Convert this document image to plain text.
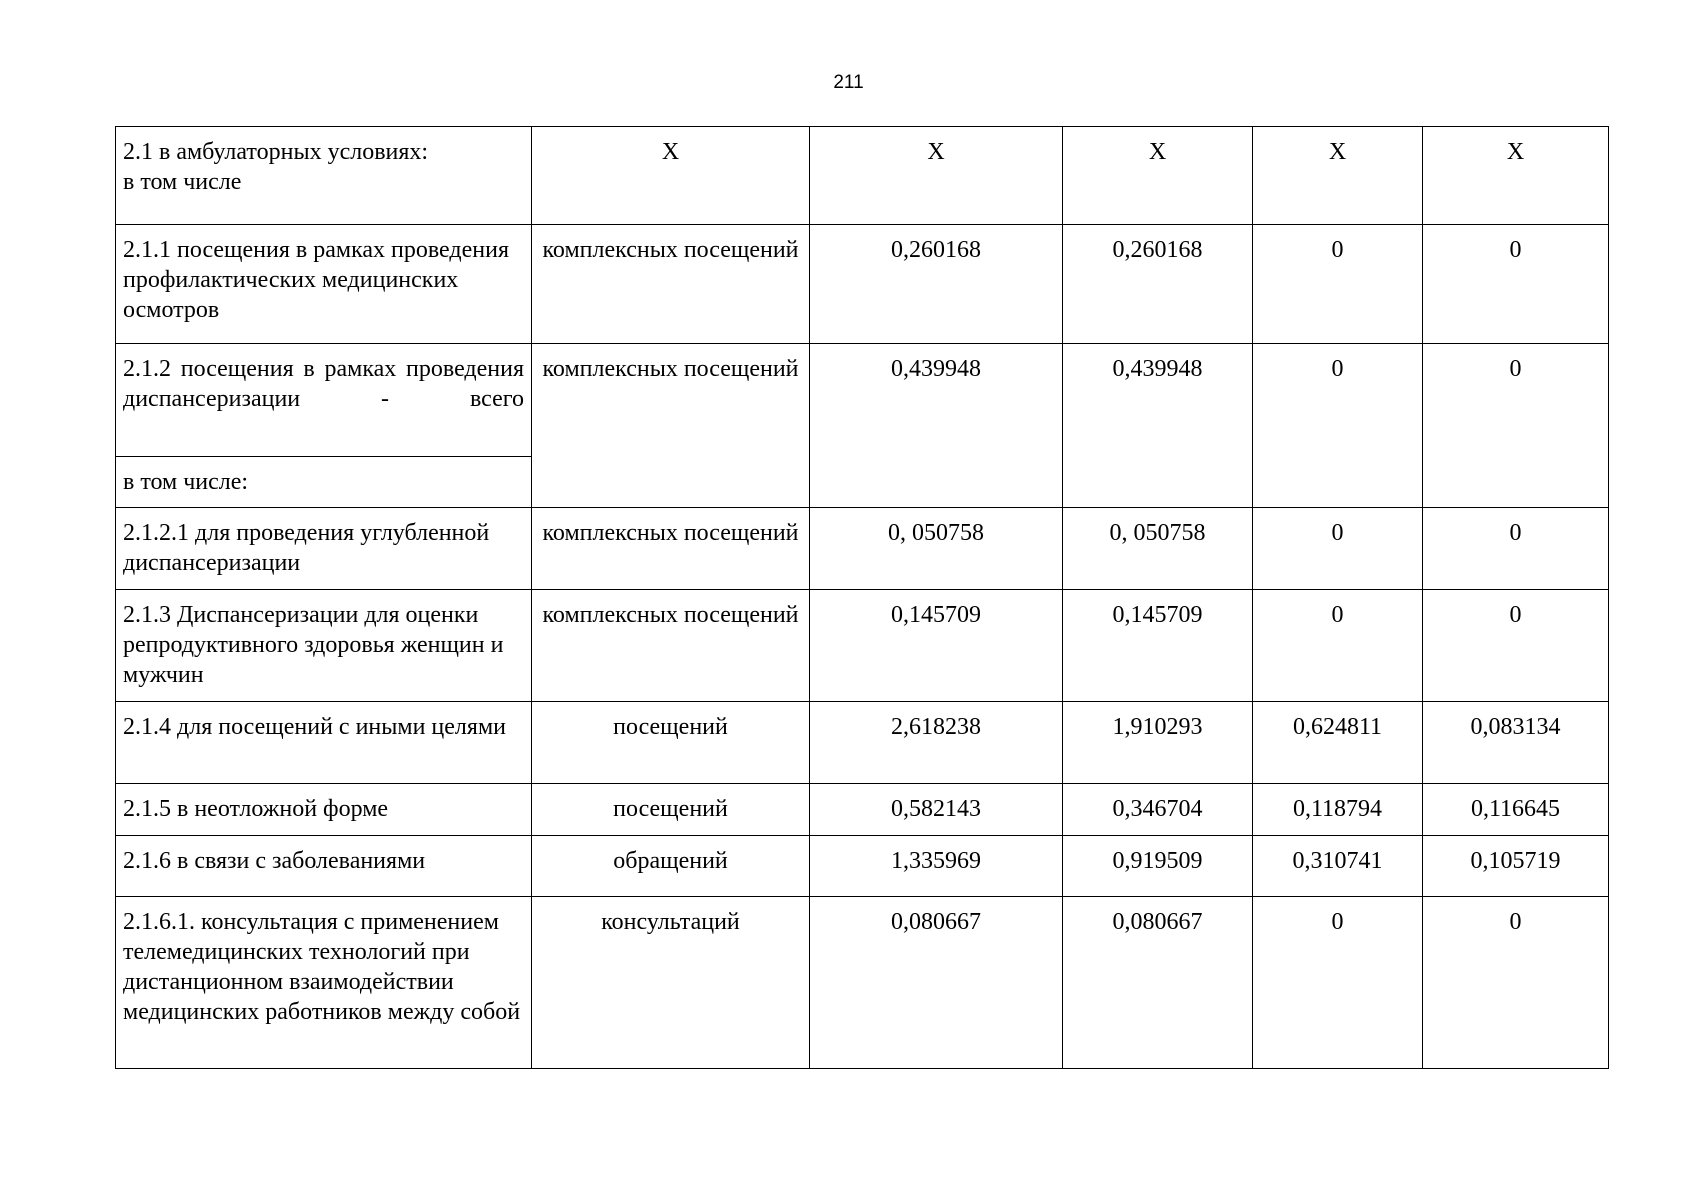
211
2.1 в амбулаторных условиях:
в том числе	X	X	X	X	X
2.1.1 посещения в рамках проведения профилактических медицинских осмотров	комплексных посещений	0,260168	0,260168	0	0
2.1.2 посещения в рамках проведения диспансеризации - всего	комплексных посещений	0,439948	0,439948	0	0
в том числе:					
2.1.2.1 для проведения углубленной диспансеризации	комплексных посещений	0, 050758	0, 050758	0	0
2.1.3 Диспансеризации для оценки репродуктивного здоровья женщин и мужчин	комплексных посещений	0,145709	0,145709	0	0
2.1.4 для посещений с иными целями	посещений	2,618238	1,910293	0,624811	0,083134
2.1.5 в неотложной форме	посещений	0,582143	0,346704	0,118794	0,116645
2.1.6 в связи с заболеваниями	обращений	1,335969	0,919509	0,310741	0,105719
2.1.6.1. консультация с применением телемедицинских технологий при дистанционном взаимодействии медицинских работников между собой	консультаций	0,080667	0,080667	0	0
